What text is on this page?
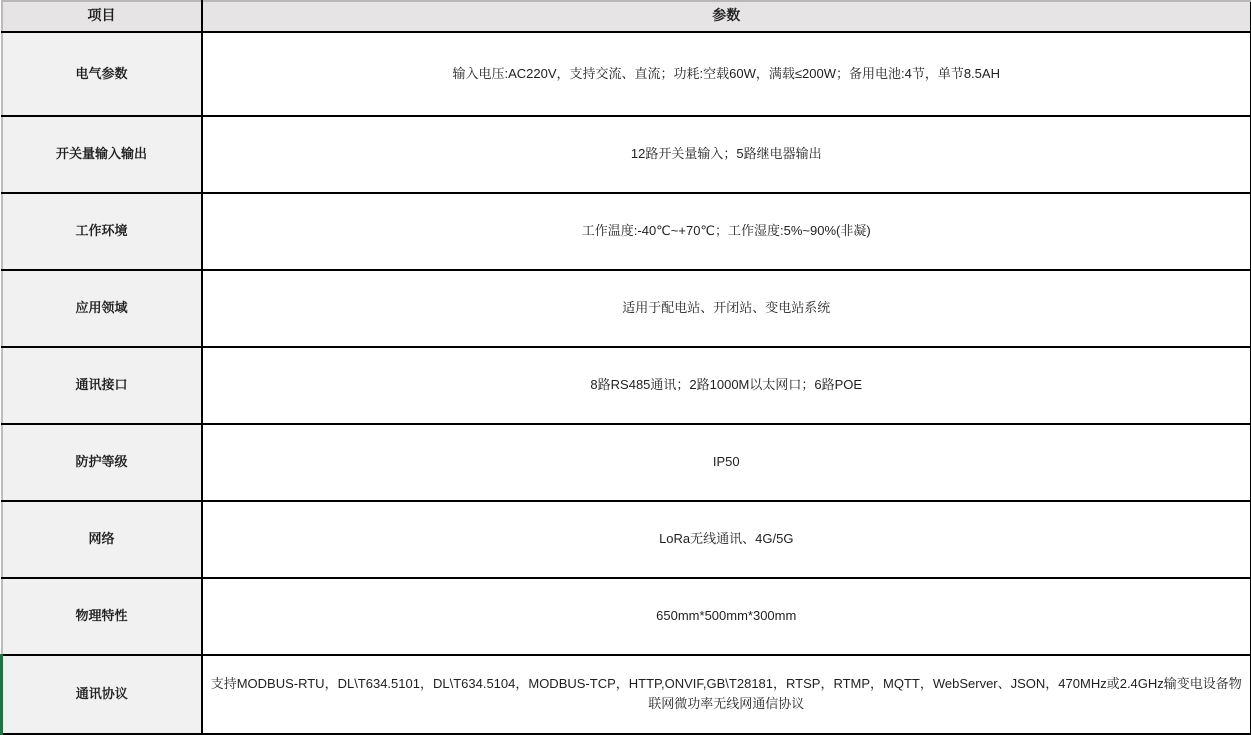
项目	参数
电气参数	输入电压:AC220V，支持交流、直流；功耗:空载60W，满载≤200W；备用电池:4节，单节8.5AH
开关量输入输出	12路开关量输入；5路继电器输出
工作环境	工作温度:-40℃~+70℃；工作湿度:5%~90%(非凝)
应用领域	适用于配电站、开闭站、变电站系统
通讯接口	8路RS485通讯；2路1000M以太网口；6路POE
防护等级	IP50
网络	LoRa无线通讯、4G/5G
物理特性	650mm*500mm*300mm
通讯协议	支持MODBUS-RTU，DL\T634.5101，DL\T634.5104，MODBUS-TCP，HTTP,ONVIF,GB\T28181，RTSP，RTMP，MQTT，WebServer、JSON，470MHz或2.4GHz输变电设备物联网微功率无线网通信协议
